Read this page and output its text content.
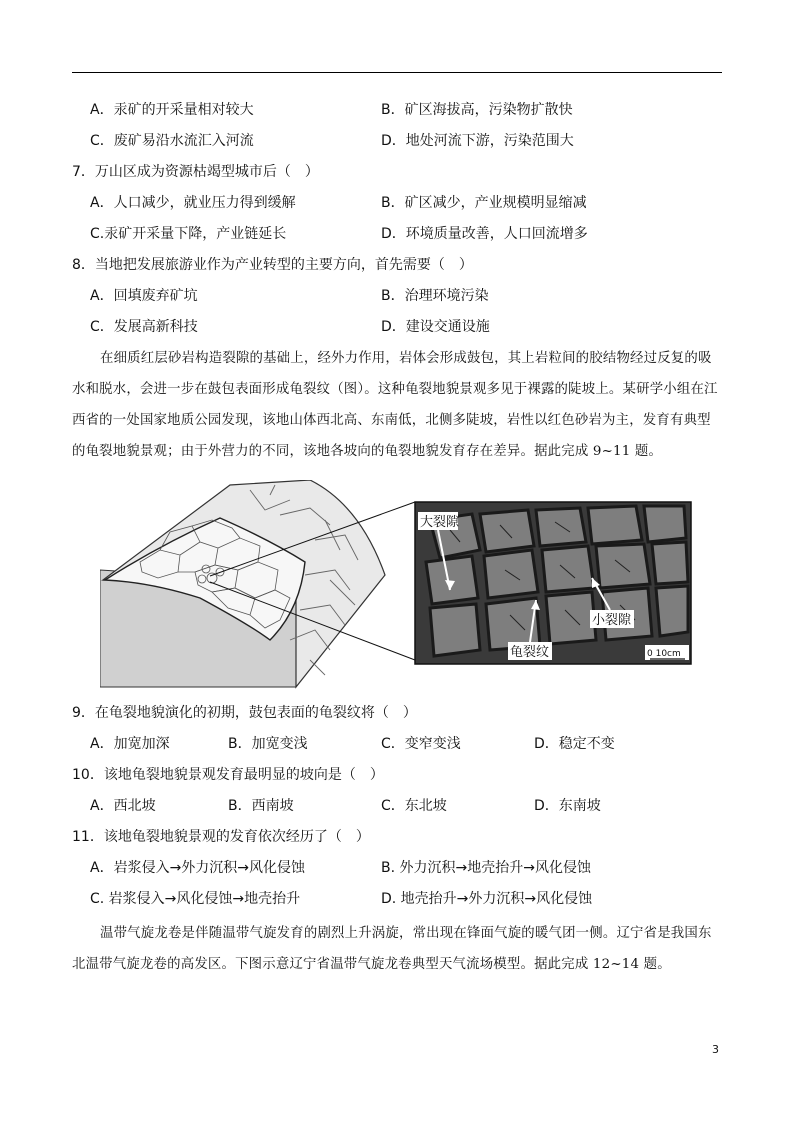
A．汞矿的开采量相对较大	B．矿区海拔高，污染物扩散快
C．废矿易沿水流汇入河流	D．地处河流下游，污染范围大
7．万山区成为资源枯竭型城市后（　）
A．人口减少，就业压力得到缓解	B．矿区减少，产业规模明显缩减
C.汞矿开采量下降，产业链延长	D．环境质量改善，人口回流增多
8．当地把发展旅游业作为产业转型的主要方向，首先需要（　）
A．回填废弃矿坑	B．治理环境污染
C．发展高新科技	D．建设交通设施
在细质红层砂岩构造裂隙的基础上，经外力作用，岩体会形成鼓包，其上岩粒间的胶结物经过反复的吸水和脱水，会进一步在鼓包表面形成龟裂纹（图）。这种龟裂地貌景观多见于裸露的陡坡上。某研学小组在江西省的一处国家地质公园发现，该地山体西北高、东南低，北侧多陡坡，岩性以红色砂岩为主，发育有典型的龟裂地貌景观；由于外营力的不同，该地各坡向的龟裂地貌发育存在差异。据此完成 9~11 题。
大裂隙
小裂隙
龟裂纹	0 10cm
9．在龟裂地貌演化的初期，鼓包表面的龟裂纹将（　）
A．加宽加深	B．加宽变浅	C．变窄变浅	D．稳定不变
10．该地龟裂地貌景观发育最明显的坡向是（　）
A．西北坡	B．西南坡	C．东北坡	D．东南坡
11．该地龟裂地貌景观的发育依次经历了（　）
A．岩浆侵入→外力沉积→风化侵蚀	B. 外力沉积→地壳抬升→风化侵蚀
C. 岩浆侵入→风化侵蚀→地壳抬升	D. 地壳抬升→外力沉积→风化侵蚀
温带气旋龙卷是伴随温带气旋发育的剧烈上升涡旋，常出现在锋面气旋的暖气团一侧。辽宁省是我国东北温带气旋龙卷的高发区。下图示意辽宁省温带气旋龙卷典型天气流场模型。据此完成 12~14 题。
3
